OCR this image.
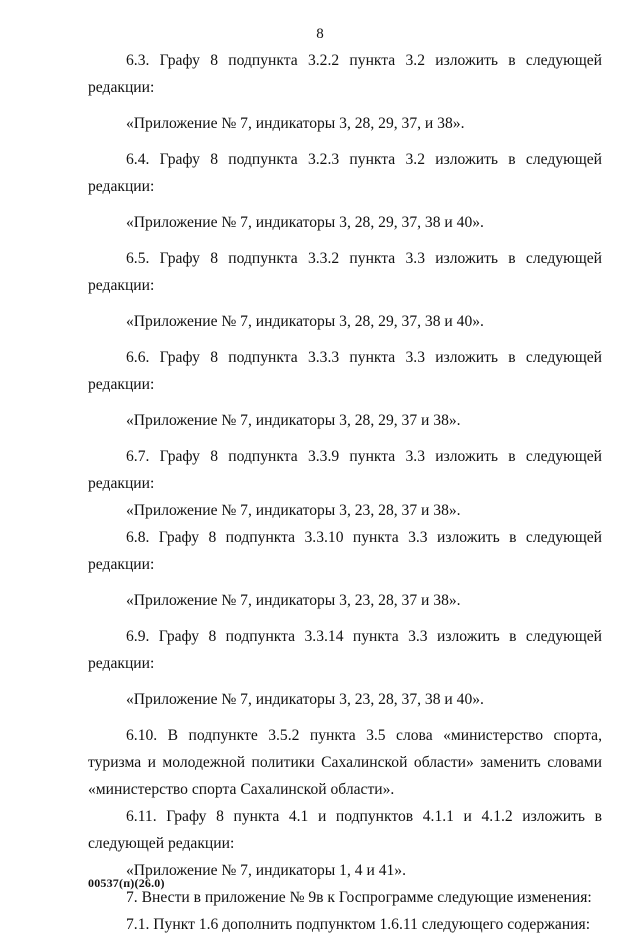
8

6.3. Графу 8 подпункта 3.2.2 пункта 3.2 изложить в следующей редакции:

«Приложение № 7, индикаторы 3, 28, 29, 37, и 38».

6.4. Графу 8 подпункта 3.2.3 пункта 3.2 изложить в следующей редакции:

«Приложение № 7, индикаторы 3, 28, 29, 37, 38 и 40».

6.5. Графу 8 подпункта 3.3.2 пункта 3.3 изложить в следующей редакции:

«Приложение № 7, индикаторы 3, 28, 29, 37, 38 и 40».

6.6. Графу 8 подпункта 3.3.3 пункта 3.3 изложить в следующей редакции:

«Приложение № 7, индикаторы 3, 28, 29, 37 и 38».

6.7. Графу 8 подпункта 3.3.9 пункта 3.3 изложить в следующей редакции:

«Приложение № 7, индикаторы 3, 23, 28, 37 и 38».

6.8. Графу 8 подпункта 3.3.10 пункта 3.3 изложить в следующей редакции:

«Приложение № 7, индикаторы 3, 23, 28, 37 и 38».

6.9. Графу 8 подпункта 3.3.14 пункта 3.3 изложить в следующей редакции:

«Приложение № 7, индикаторы 3, 23, 28, 37, 38 и 40».

6.10. В подпункте 3.5.2 пункта 3.5 слова «министерство спорта, туризма и молодежной политики Сахалинской области» заменить словами «министерство спорта Сахалинской области».

6.11. Графу 8 пункта 4.1 и подпунктов 4.1.1 и 4.1.2 изложить в следующей редакции:

«Приложение № 7, индикаторы 1, 4 и 41».

7. Внести в приложение № 9в к Госпрограмме следующие изменения:

7.1. Пункт 1.6 дополнить подпунктом 1.6.11 следующего содержания:

00537(п)(26.0)
